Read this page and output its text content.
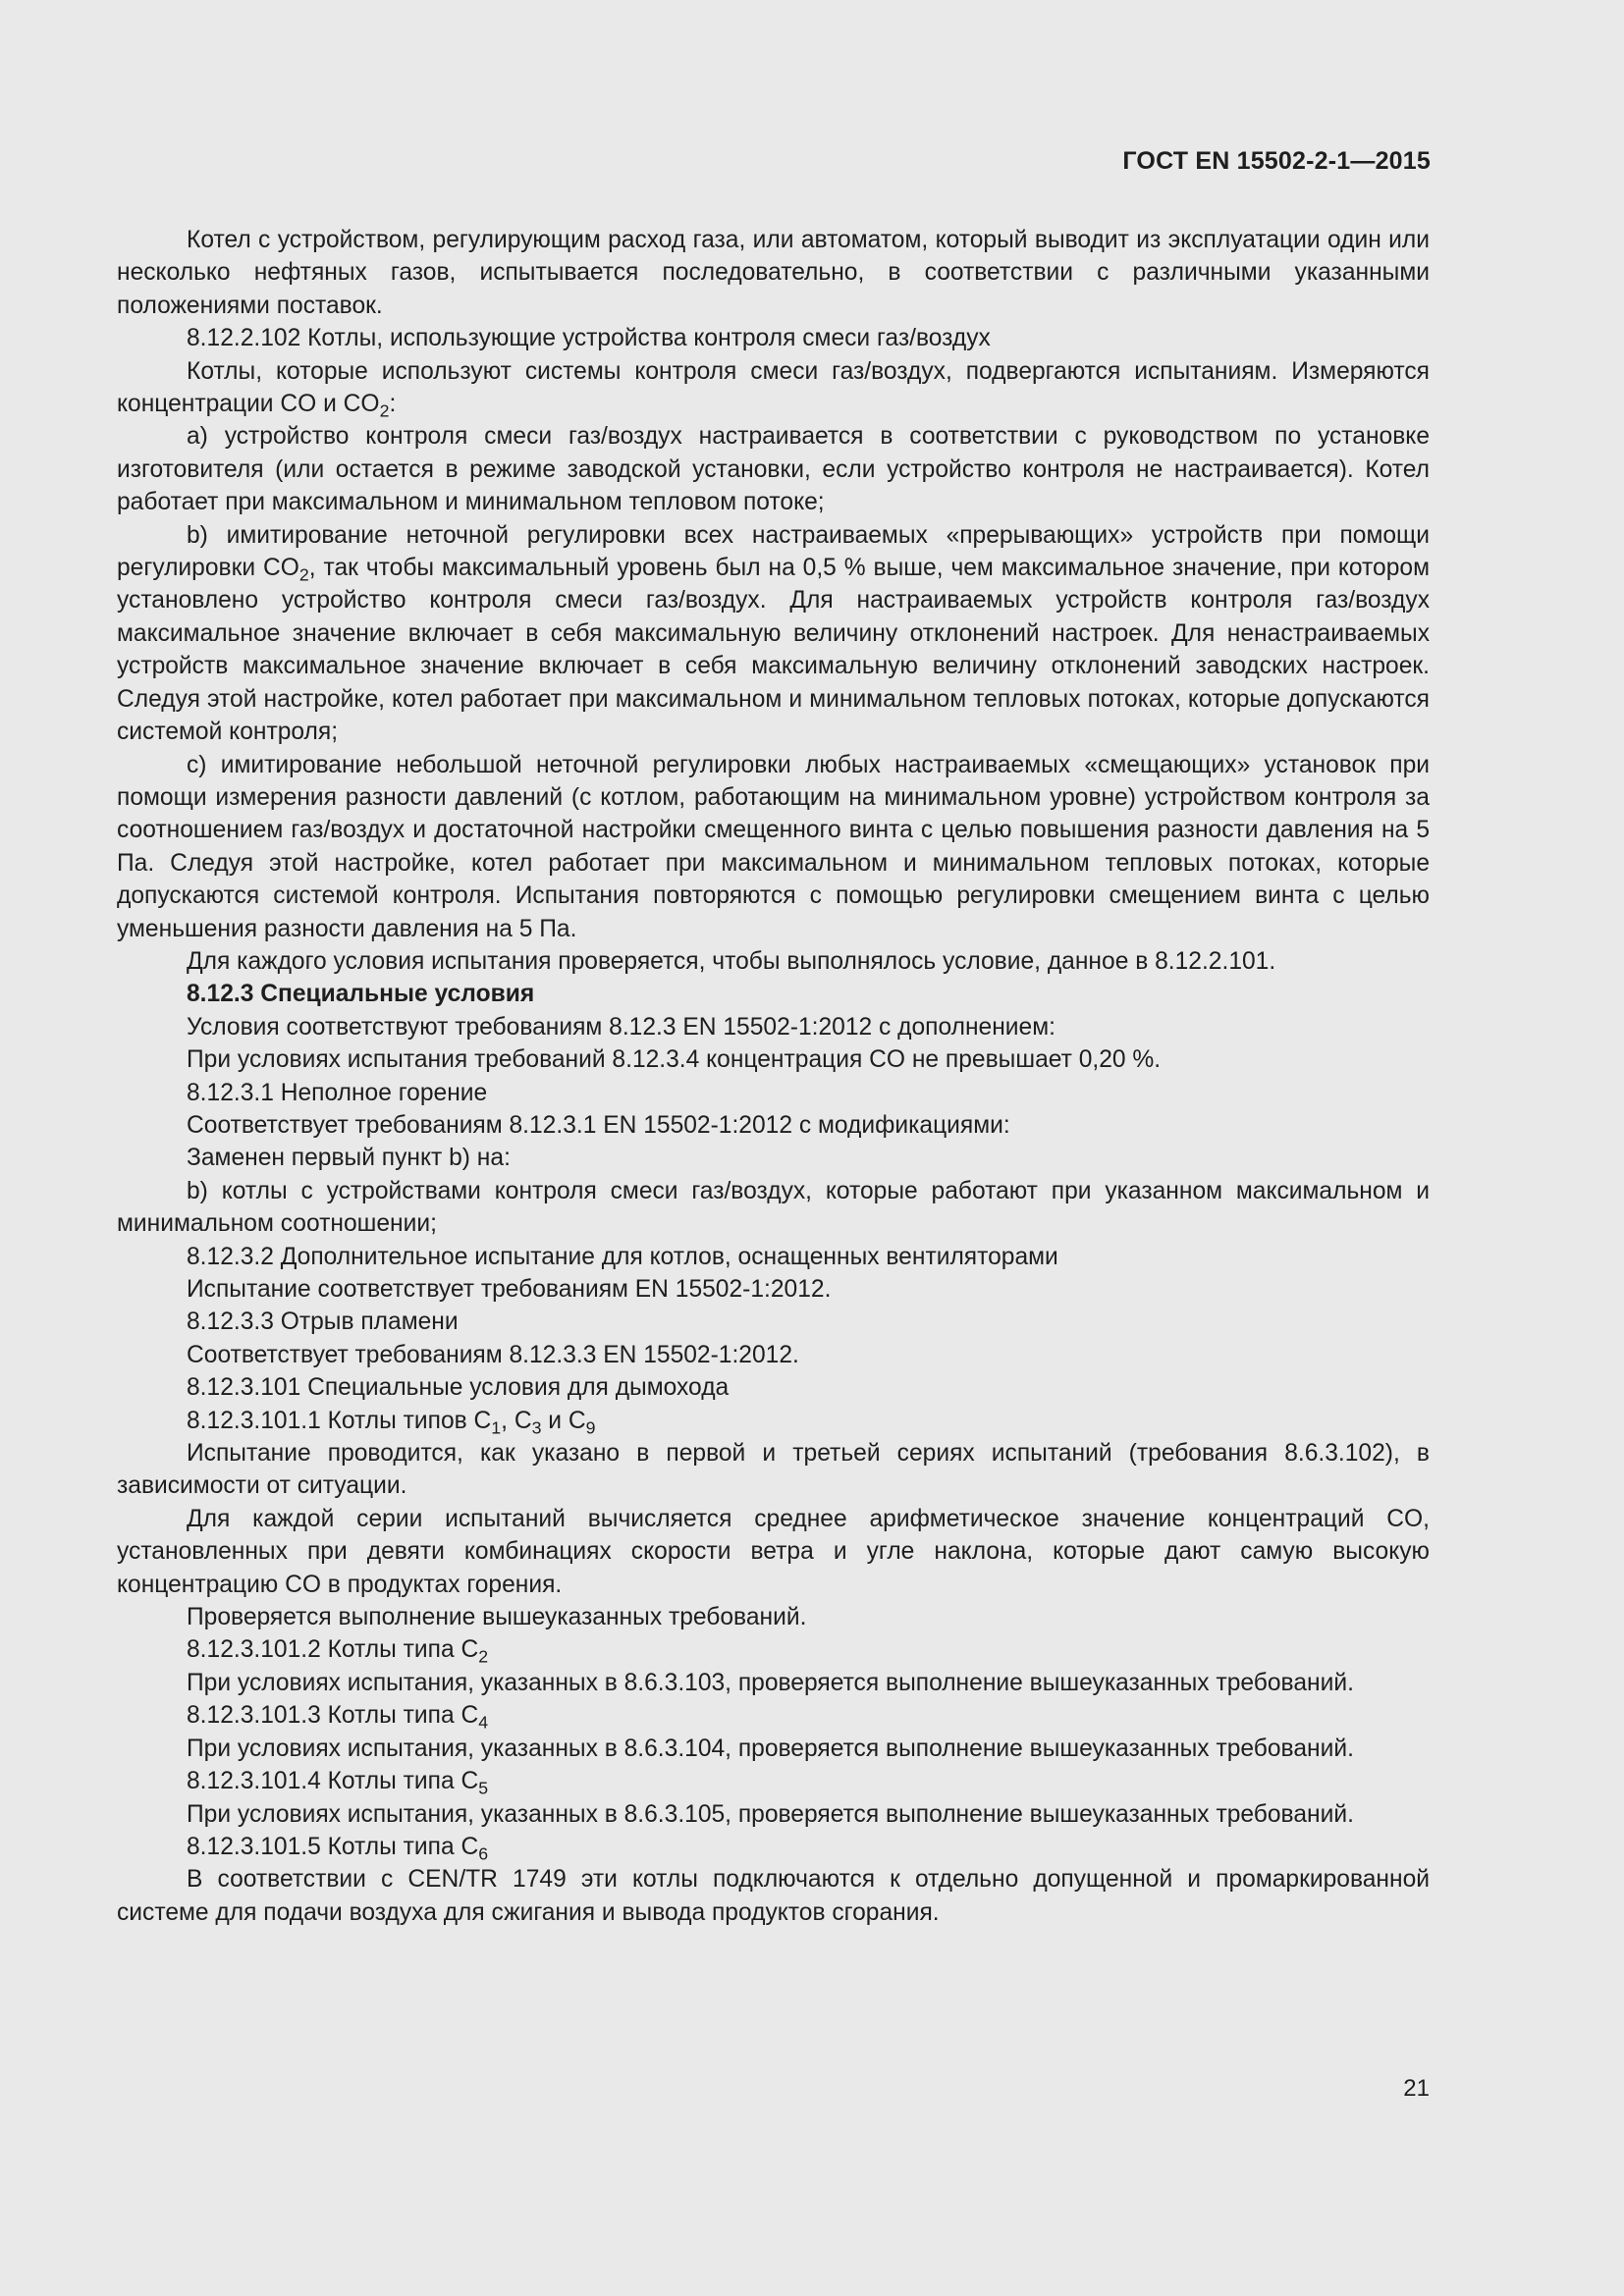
ГОСТ EN 15502-2-1—2015

Котел с устройством, регулирующим расход газа, или автоматом, который выводит из эксплуатации один или несколько нефтяных газов, испытывается последовательно, в соответствии с различными указанными положениями поставок.

8.12.2.102 Котлы, использующие устройства контроля смеси газ/воздух

Котлы, которые используют системы контроля смеси газ/воздух, подвергаются испытаниям. Измеряются концентрации CO и $CO_2$:

a) устройство контроля смеси газ/воздух настраивается в соответствии с руководством по установке изготовителя (или остается в режиме заводской установки, если устройство контроля не настраивается). Котел работает при максимальном и минимальном тепловом потоке;

b) имитирование неточной регулировки всех настраиваемых «прерывающих» устройств при помощи регулировки $CO_2$, так чтобы максимальный уровень был на 0,5 % выше, чем максимальное значение, при котором установлено устройство контроля смеси газ/воздух. Для настраиваемых устройств контроля газ/воздух максимальное значение включает в себя максимальную величину отклонений настроек. Для ненастраиваемых устройств максимальное значение включает в себя максимальную величину отклонений заводских настроек. Следуя этой настройке, котел работает при максимальном и минимальном тепловых потоках, которые допускаются системой контроля;

c) имитирование небольшой неточной регулировки любых настраиваемых «смещающих» установок при помощи измерения разности давлений (с котлом, работающим на минимальном уровне) устройством контроля за соотношением газ/воздух и достаточной настройки смещенного винта с целью повышения разности давления на 5 Па. Следуя этой настройке, котел работает при максимальном и минимальном тепловых потоках, которые допускаются системой контроля. Испытания повторяются с помощью регулировки смещением винта с целью уменьшения разности давления на 5 Па.

Для каждого условия испытания проверяется, чтобы выполнялось условие, данное в 8.12.2.101.

8.12.3 Специальные условия

Условия соответствуют требованиям 8.12.3 EN 15502-1:2012 с дополнением:

При условиях испытания требований 8.12.3.4 концентрация CO не превышает 0,20 %.

8.12.3.1 Неполное горение

Соответствует требованиям 8.12.3.1 EN 15502-1:2012 с модификациями:

Заменен первый пункт b) на:

b) котлы с устройствами контроля смеси газ/воздух, которые работают при указанном максимальном и минимальном соотношении;

8.12.3.2 Дополнительное испытание для котлов, оснащенных вентиляторами

Испытание соответствует требованиям EN 15502-1:2012.

8.12.3.3 Отрыв пламени

Соответствует требованиям 8.12.3.3 EN 15502-1:2012.

8.12.3.101 Специальные условия для дымохода

8.12.3.101.1 Котлы типов $C_1$, $C_3$ и $C_9$

Испытание проводится, как указано в первой и третьей сериях испытаний (требования 8.6.3.102), в зависимости от ситуации.

Для каждой серии испытаний вычисляется среднее арифметическое значение концентраций CO, установленных при девяти комбинациях скорости ветра и угле наклона, которые дают самую высокую концентрацию CO в продуктах горения.

Проверяется выполнение вышеуказанных требований.

8.12.3.101.2 Котлы типа $C_2$

При условиях испытания, указанных в 8.6.3.103, проверяется выполнение вышеуказанных требований.

8.12.3.101.3 Котлы типа $C_4$

При условиях испытания, указанных в 8.6.3.104, проверяется выполнение вышеуказанных требований.

8.12.3.101.4 Котлы типа $C_5$

При условиях испытания, указанных в 8.6.3.105, проверяется выполнение вышеуказанных требований.

8.12.3.101.5 Котлы типа $C_6$

В соответствии с CEN/TR 1749 эти котлы подключаются к отдельно допущенной и промаркированной системе для подачи воздуха для сжигания и вывода продуктов сгорания.

21
